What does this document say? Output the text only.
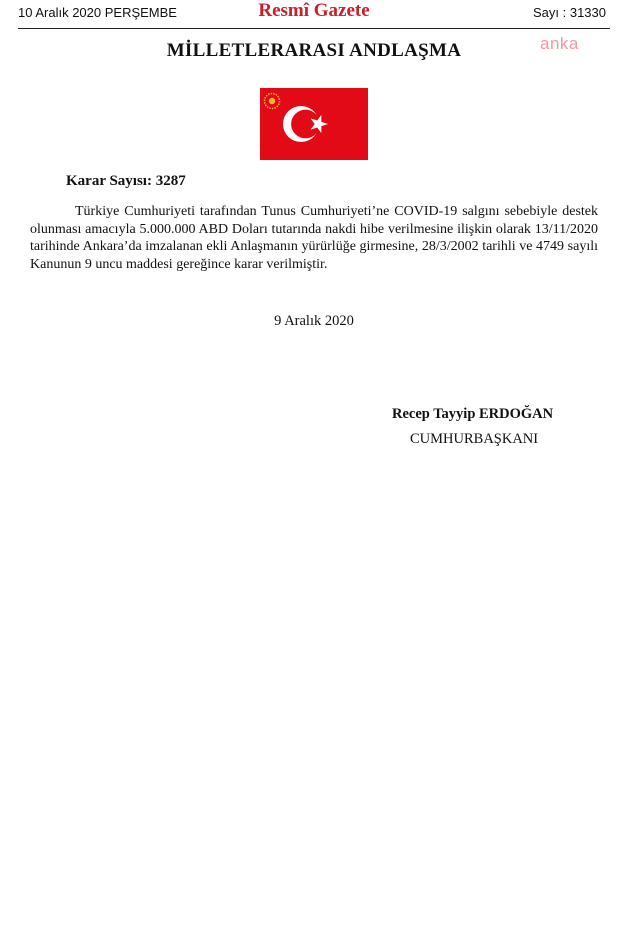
10 Aralık 2020 PERŞEMBE	Resmî Gazete	Sayı : 31330
anka
MİLLETLERARASI ANDLAŞMA
Karar Sayısı: 3287
Türkiye Cumhuriyeti tarafından Tunus Cumhuriyeti’ne COVID-19 salgını sebebiyle destek olunması amacıyla 5.000.000 ABD Doları tutarında nakdi hibe verilmesine ilişkin olarak 13/11/2020 tarihinde Ankara’da imzalanan ekli Anlaşmanın yürürlüğe girmesine, 28/3/2002 tarihli ve 4749 sayılı Kanunun 9 uncu maddesi gereğince karar verilmiştir.
9 Aralık 2020
Recep Tayyip ERDOĞAN
CUMHURBAŞKANI
